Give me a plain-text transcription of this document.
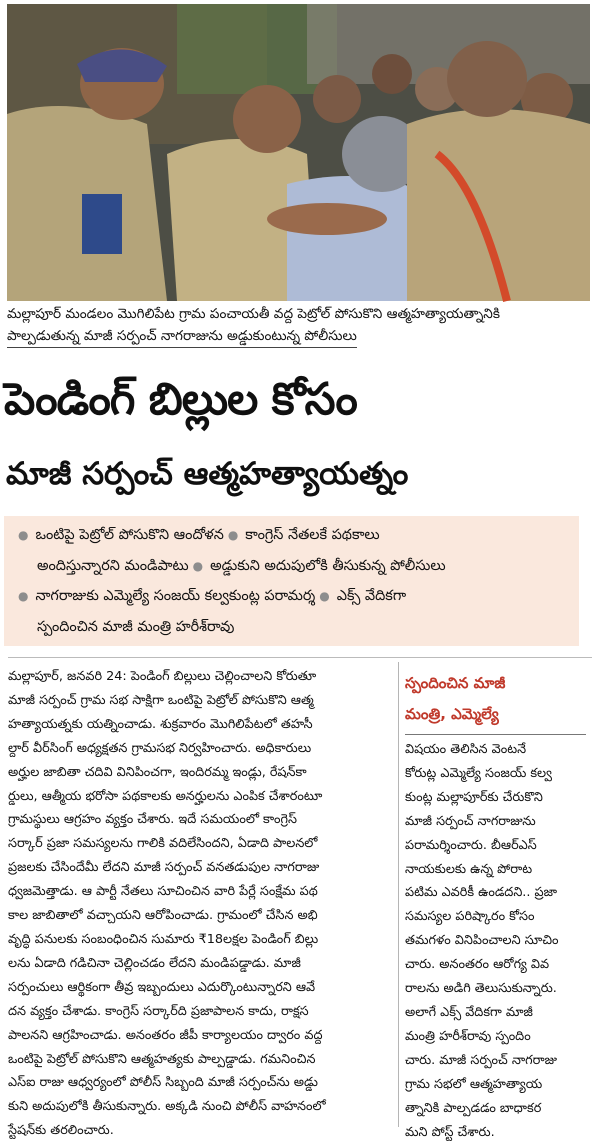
మల్లాపూర్ మండలం మొగిలిపేట గ్రామ పంచాయతీ వద్ద పెట్రోల్ పోసుకొని ఆత్మహత్యాయత్నానికి
పాల్పడుతున్న మాజీ సర్పంచ్ నాగరాజును అడ్డుకుంటున్న పోలీసులు
పెండింగ్ బిల్లుల కోసం
మాజీ సర్పంచ్ ఆత్మహత్యాయత్నం
● ఒంటిపై పెట్రోల్ పోసుకొని ఆందోళన ● కాంగ్రెస్ నేతలకే పథకాలు
అందిస్తున్నారని మండిపాటు ● అడ్డుకుని అదుపులోకి తీసుకున్న పోలీసులు
● నాగరాజుకు ఎమ్మెల్యే సంజయ్ కల్వకుంట్ల పరామర్శ ● ఎక్స్ వేదికగా
స్పందించిన మాజీ మంత్రి హరీశ్‌రావు
మల్లాపూర్, జనవరి 24: పెండింగ్ బిల్లులు చెల్లించాలని కోరుతూ
మాజీ సర్పంచ్ గ్రామ సభ సాక్షిగా ఒంటిపై పెట్రోల్ పోసుకొని ఆత్మ
హత్యాయత్నకు యత్నించాడు. శుక్రవారం మొగిలిపేటలో తహసీ
ల్దార్ వీర్‌సింగ్ అధ్యక్షతన గ్రామసభ నిర్వహించారు. అధికారులు
అర్హుల జాబితా చదివి వినిపించగా, ఇందిరమ్మ ఇండ్లు, రేషన్‌కా
ర్డులు, ఆత్మీయ భరోసా పథకాలకు అనర్హులను ఎంపిక చేశారంటూ
గ్రామస్థులు ఆగ్రహం వ్యక్తం చేశారు. ఇదే సమయంలో కాంగ్రెస్
సర్కార్ ప్రజా సమస్యలను గాలికి వదిలేసిందని, ఏడాది పాలనలో
ప్రజలకు చేసిందేమీ లేదని మాజీ సర్పంచ్ వనతడుపుల నాగరాజు
ధ్వజమెత్తాడు. ఆ పార్టీ నేతలు సూచించిన వారి పేర్లే సంక్షేమ పథ
కాల జాబితాలో వచ్చాయని ఆరోపించాడు. గ్రామంలో చేసిన అభి
వృద్ధి పనులకు సంబంధించిన సుమారు ₹18లక్షల పెండింగ్ బిల్లు
లను ఏడాది గడిచినా చెల్లించడం లేదని మండిపడ్డాడు. మాజీ
సర్పంచులు ఆర్థికంగా తీవ్ర ఇబ్బందులు ఎదుర్కొంటున్నారని ఆవే
దన వ్యక్తం చేశాడు. కాంగ్రెస్ సర్కార్‌ది ప్రజాపాలన కాదు, రాక్షస
పాలనని ఆగ్రహించాడు. అనంతరం జీపీ కార్యాలయం ద్వారం వద్ద
ఒంటిపై పెట్రోల్ పోసుకొని ఆత్మహత్యకు పాల్పడ్డాడు. గమనించిన
ఎస్ఐ రాజు ఆధ్వర్యంలో పోలీస్ సిబ్బంది మాజీ సర్పంచ్‌ను అడ్డు
కుని అదుపులోకి తీసుకున్నారు. అక్కడి నుంచి పోలీస్ వాహనంలో
స్టేషన్‌కు తరలించారు.
స్పందించిన మాజీ
మంత్రి, ఎమ్మెల్యే
విషయం తెలిసిన వెంటనే
కోరుట్ల ఎమ్మెల్యే సంజయ్ కల్వ
కుంట్ల మల్లాపూర్‌కు చేరుకొని
మాజీ సర్పంచ్ నాగరాజును
పరామర్శించారు. బీఆర్ఎస్
నాయకులకు ఉన్న పోరాట
పటిమ ఎవరికీ ఉండదని.. ప్రజా
సమస్యల పరిష్కారం కోసం
తమగళం వినిపించాలని సూచిం
చారు. అనంతరం ఆరోగ్య వివ
రాలను అడిగి తెలుసుకున్నారు.
అలాగే ఎక్స్ వేదికగా మాజీ
మంత్రి హరీశ్‌రావు స్పందిం
చారు. మాజీ సర్పంచ్ నాగరాజు
గ్రామ సభలో ఆత్మహత్యాయ
త్నానికి పాల్పడడం బాధాకర
మని పోస్ట్ చేశారు.
